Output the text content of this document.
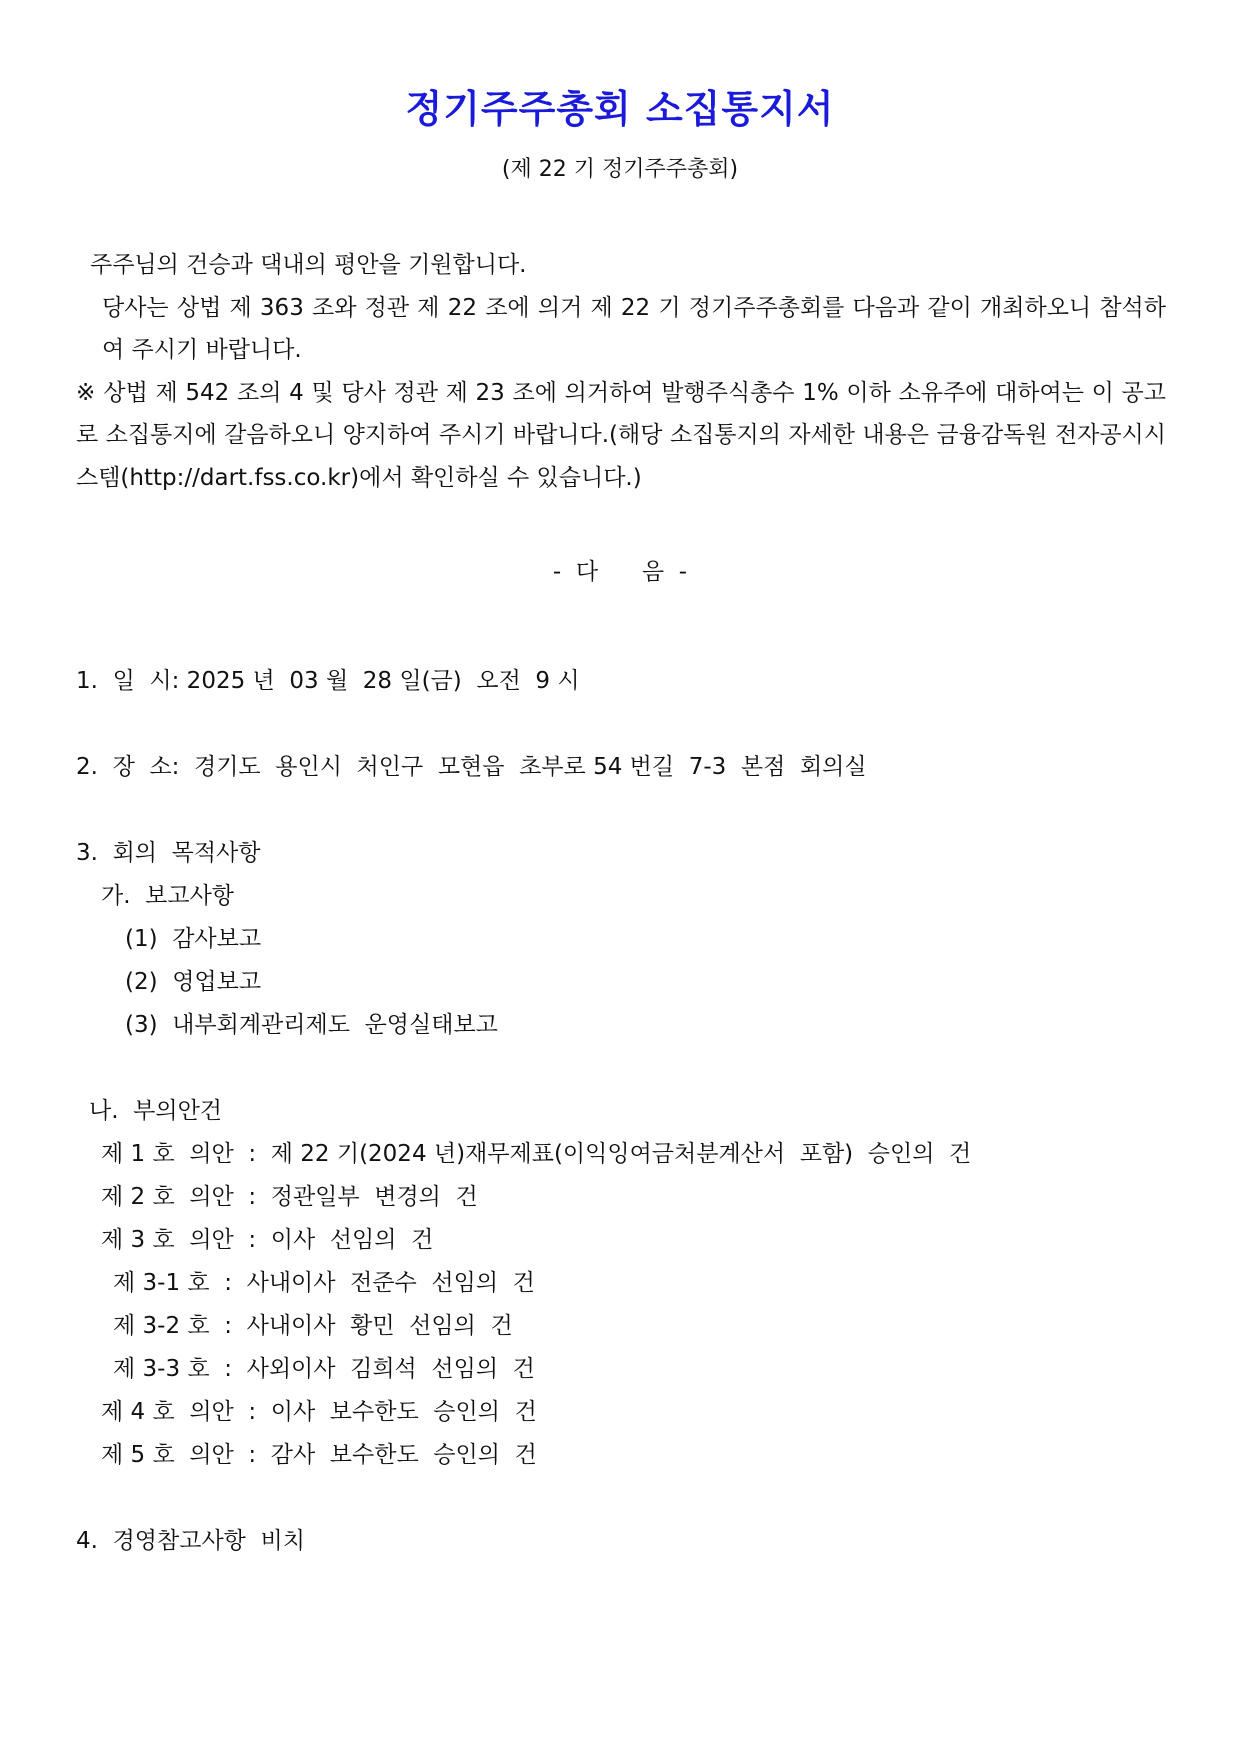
정기주주총회 소집통지서
(제 22 기 정기주주총회)

주주님의 건승과 댁내의 평안을 기원합니다.

당사는 상법 제 363 조와 정관 제 22 조에 의거 제 22 기 정기주주총회를 다음과 같이 개최하오니 참석하여 주시기 바랍니다.

※ 상법 제 542 조의 4 및 당사 정관 제 23 조에 의거하여 발행주식총수 1% 이하 소유주에 대하여는 이 공고로 소집통지에 갈음하오니 양지하여 주시기 바랍니다.(해당 소집통지의 자세한 내용은 금융감독원 전자공시시스템(http://dart.fss.co.kr)에서 확인하실 수 있습니다.)

-  다      음  -
1.  일  시: 2025 년  03 월  28 일(금)  오전  9 시
2.  장  소:  경기도  용인시  처인구  모현읍  초부로 54 번길  7-3  본점  회의실
3.  회의  목적사항
가.  보고사항
(1)  감사보고
(2)  영업보고
(3)  내부회계관리제도  운영실태보고
나.  부의안건
제 1 호  의안  :  제 22 기(2024 년)재무제표(이익잉여금처분계산서  포함)  승인의  건
제 2 호  의안  :  정관일부  변경의  건
제 3 호  의안  :  이사  선임의  건
제 3-1 호  :  사내이사  전준수  선임의  건
제 3-2 호  :  사내이사  황민  선임의  건
제 3-3 호  :  사외이사  김희석  선임의  건
제 4 호  의안  :  이사  보수한도  승인의  건
제 5 호  의안  :  감사  보수한도  승인의  건
4.  경영참고사항  비치
